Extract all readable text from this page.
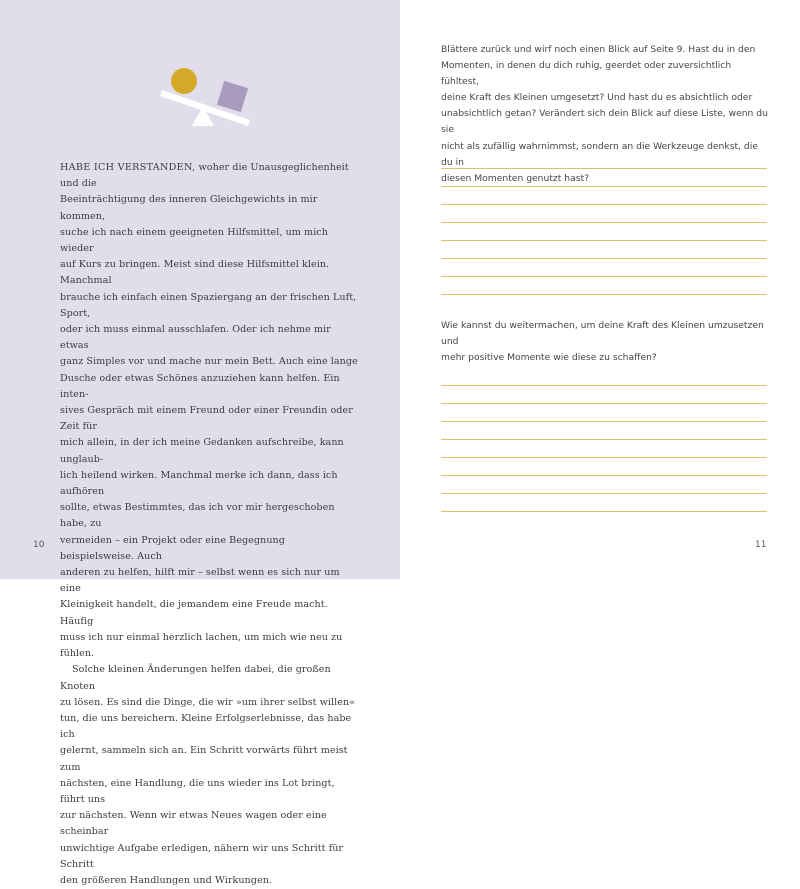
HABE ICH VERSTANDEN, woher die Unausgeglichenheit und die
Beeinträchtigung des inneren Gleichgewichts in mir kommen,
suche ich nach einem geeigneten Hilfsmittel, um mich wieder
auf Kurs zu bringen. Meist sind diese Hilfsmittel klein. Manchmal
brauche ich einfach einen Spaziergang an der frischen Luft, Sport,
oder ich muss einmal ausschlafen. Oder ich nehme mir etwas
ganz Simples vor und mache nur mein Bett. Auch eine lange
Dusche oder etwas Schönes anzuziehen kann helfen. Ein inten-
sives Gespräch mit einem Freund oder einer Freundin oder Zeit für
mich allein, in der ich meine Gedanken aufschreibe, kann unglaub-
lich heilend wirken. Manchmal merke ich dann, dass ich aufhören
sollte, etwas Bestimmtes, das ich vor mir hergeschoben habe, zu
vermeiden – ein Projekt oder eine Begegnung beispielsweise. Auch
anderen zu helfen, hilft mir – selbst wenn es sich nur um eine
Kleinigkeit handelt, die jemandem eine Freude macht. Häufig
muss ich nur einmal herzlich lachen, um mich wie neu zu fühlen.

Solche kleinen Änderungen helfen dabei, die großen Knoten
zu lösen. Es sind die Dinge, die wir »um ihrer selbst willen«
tun, die uns bereichern. Kleine Erfolgserlebnisse, das habe ich
gelernt, sammeln sich an. Ein Schritt vorwärts führt meist zum
nächsten, eine Handlung, die uns wieder ins Lot bringt, führt uns
zur nächsten. Wenn wir etwas Neues wagen oder eine scheinbar
unwichtige Aufgabe erledigen, nähern wir uns Schritt für Schritt
den größeren Handlungen und Wirkungen.

10

Blättere zurück und wirf noch einen Blick auf Seite 9. Hast du in den
Momenten, in denen du dich ruhig, geerdet oder zuversichtlich fühltest,
deine Kraft des Kleinen umgesetzt? Und hast du es absichtlich oder
unabsichtlich getan? Verändert sich dein Blick auf diese Liste, wenn du sie
nicht als zufällig wahrnimmst, sondern an die Werkzeuge denkst, die du in
diesen Momenten genutzt hast?

Wie kannst du weitermachen, um deine Kraft des Kleinen umzusetzen und
mehr positive Momente wie diese zu schaffen?

11
